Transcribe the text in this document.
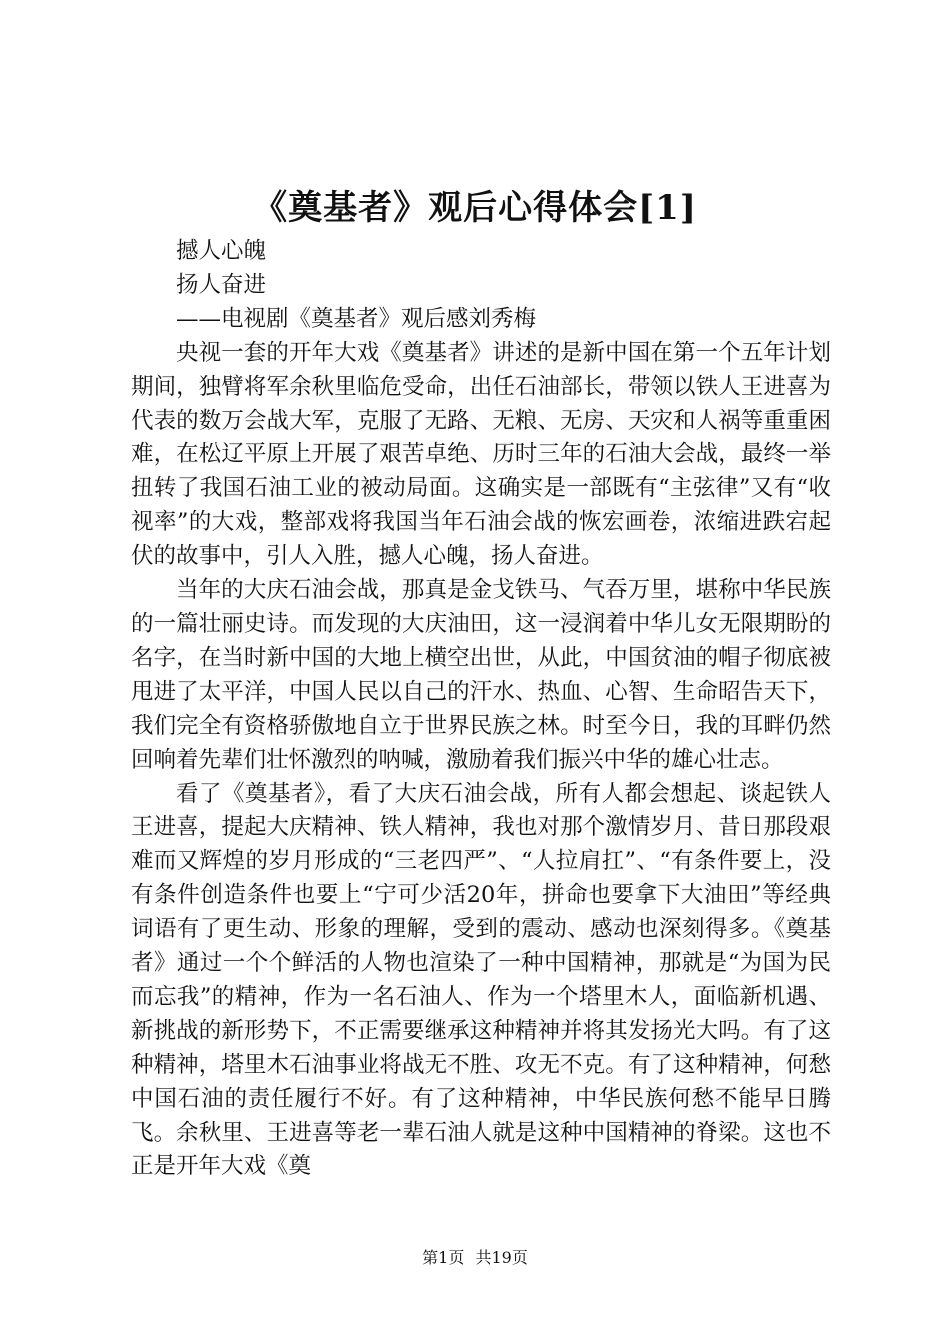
《奠基者》观后心得体会[1]

撼人心魄

扬人奋进

——电视剧《奠基者》观后感刘秀梅

央视一套的开年大戏《奠基者》讲述的是新中国在第一个五年计划期间，独臂将军余秋里临危受命，出任石油部长，带领以铁人王进喜为代表的数万会战大军，克服了无路、无粮、无房、天灾和人祸等重重困难，在松辽平原上开展了艰苦卓绝、历时三年的石油大会战，最终一举扭转了我国石油工业的被动局面。这确实是一部既有“主弦律”又有“收视率”的大戏，整部戏将我国当年石油会战的恢宏画卷，浓缩进跌宕起伏的故事中，引人入胜，撼人心魄，扬人奋进。

当年的大庆石油会战，那真是金戈铁马、气吞万里，堪称中华民族的一篇壮丽史诗。而发现的大庆油田，这一浸润着中华儿女无限期盼的名字，在当时新中国的大地上横空出世，从此，中国贫油的帽子彻底被甩进了太平洋，中国人民以自己的汗水、热血、心智、生命昭告天下，我们完全有资格骄傲地自立于世界民族之林。时至今日，我的耳畔仍然回响着先辈们壮怀激烈的呐喊，激励着我们振兴中华的雄心壮志。

看了《奠基者》，看了大庆石油会战，所有人都会想起、谈起铁人王进喜，提起大庆精神、铁人精神，我也对那个激情岁月、昔日那段艰难而又辉煌的岁月形成的“三老四严”、“人拉肩扛”、“有条件要上，没有条件创造条件也要上“宁可少活20年，拼命也要拿下大油田”等经典词语有了更生动、形象的理解，受到的震动、感动也深刻得多。《奠基者》通过一个个鲜活的人物也渲染了一种中国精神，那就是“为国为民而忘我”的精神，作为一名石油人、作为一个塔里木人，面临新机遇、新挑战的新形势下，不正需要继承这种精神并将其发扬光大吗。有了这种精神，塔里木石油事业将战无不胜、攻无不克。有了这种精神，何愁中国石油的责任履行不好。有了这种精神，中华民族何愁不能早日腾飞。余秋里、王进喜等老一辈石油人就是这种中国精神的脊梁。这也不正是开年大戏《奠

第1页 共19页
